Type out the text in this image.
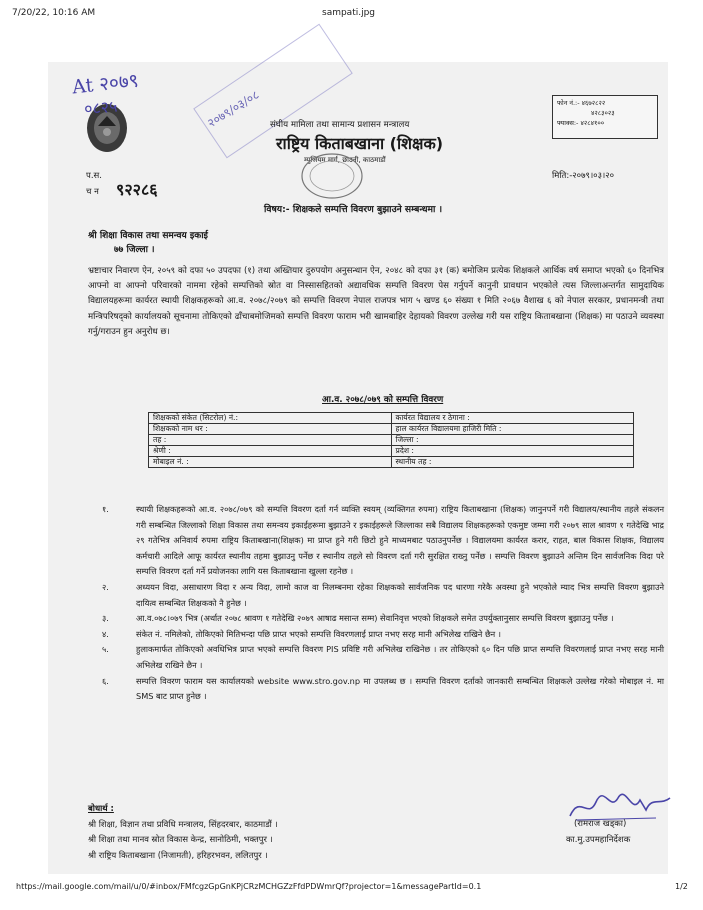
7/20/22, 10:16 AM	sampati.jpg
https://mail.google.com/mail/u/0/#inbox/FMfcgzGpGnKPjCRzMCHGZzFfdPDWmrQf?projector=1&messagePartId=0.1	1/2
At २०७९
०८२५	२०७९/०३/०८ संघीय मामिला तथा सामान्य प्रशासन मन्त्रालय
राष्ट्रिय किताबखाना (शिक्षक)
म्युजियम मार्ग, छाउनी, काठमाडौं
फोन नं.:- ४६७२८२२
४२८३०२३
फ्याक्स:- ४२८४१००
प.स.
च न ९२२८६
मिति:-२०७९।०३।२०
विषय:- शिक्षकले सम्पत्ति विवरण बुझाउने सम्बन्धमा ।
श्री शिक्षा विकास तथा समन्वय इकाई
७७ जिल्ला ।
भ्रष्टाचार निवारण ऐन, २०५९ को दफा ५० उपदफा (१) तथा अख्तियार दुरुपयोग अनुसन्धान ऐन, २०४८ को दफा ३१ (क) बमोजिम प्रत्येक शिक्षकले आर्थिक वर्ष समाप्त भएको ६० दिनभित्र आफ्नो वा आफ्नो परिवारको नाममा रहेको सम्पत्तिको स्रोत वा निस्सासहितको अद्यावधिक सम्पत्ति विवरण पेस गर्नुपर्ने कानुनी प्रावधान भएकोले त्यस जिल्लाअन्तर्गत सामुदायिक विद्यालयहरूमा कार्यरत स्थायी शिक्षकहरूको आ.व. २०७८/२०७९ को सम्पत्ति विवरण नेपाल राजपत्र भाग ५ खण्ड ६० संख्या १ मिति २०६७ वैशाख ६ को नेपाल सरकार, प्रधानमन्त्री तथा मन्त्रिपरिषद्को कार्यालयको सूचनामा तोकिएको ढाँचाबमोजिमको सम्पत्ति विवरण फाराम भरी खामबाहिर देहायको विवरण उल्लेख गरी यस राष्ट्रिय किताबखाना (शिक्षक) मा पठाउने व्यवस्था गर्नु/गराउन हुन अनुरोध छ।
आ.व. २०७८/०७९ को सम्पत्ति विवरण
शिक्षकको संकेत (सिटरोल) नं.:	कार्यरत विद्यालय र ठेगाना :
शिक्षकको नाम थर :	हाल कार्यरत विद्यालयमा हाजिरी मिति :
तह :	जिल्ला :
श्रेणी :	प्रदेश :
मोबाइल नं. :	स्थानीय तह :
१.	स्थायी शिक्षकहरूको आ.व. २०७८/०७९ को सम्पत्ति विवरण दर्ता गर्न व्यक्ति स्वयम् (व्यक्तिगत रुपमा) राष्ट्रिय किताबखाना (शिक्षक) जानुनपर्ने गरी विद्यालय/स्थानीय तहले संकलन गरी सम्बन्धित जिल्लाको शिक्षा विकास तथा समन्वय इकाईहरूमा बुझाउने र इकाईहरूले जिल्लाका सबै विद्यालय शिक्षकहरूको एकमुष्ट जम्मा गरी २०७९ साल श्रावण १ गतेदेखि भाद्र २९ गतेभित्र अनिवार्य रुपमा राष्ट्रिय किताबखाना(शिक्षक) मा प्राप्त हुने गरी छिटो हुने माध्यमबाट पठाउनुपर्नेछ । विद्यालयमा कार्यरत करार, राहत, बाल विकास शिक्षक, विद्यालय कर्मचारी आदिले आफू कार्यरत स्थानीय तहमा बुझाउनु पर्नेछ र स्थानीय तहले सो विवरण दर्ता गरी सुरक्षित राख्नु पर्नेछ । सम्पत्ति विवरण बुझाउने अन्तिम दिन सार्वजनिक विदा परे सम्पत्ति विवरण दर्ता गर्ने प्रयोजनका लागि यस किताबखाना खुल्ला रहनेछ ।
२.	अध्ययन विदा, असाधारण विदा र अन्य विदा, लामो काज वा निलम्बनमा रहेका शिक्षकको सार्वजनिक पद धारणा गरेकै अवस्था हुने भएकोले म्याद भित्र सम्पत्ति विवरण बुझाउने दायित्व सम्बन्धित शिक्षकको नै हुनेछ ।
३.	आ.व.०७८।०७९ भित्र (अर्थात २०७८ श्रावण १ गतेदेखि २०७९ आषाढ मसान्त सम्म) सेवानिवृत्त भएको शिक्षकले समेत उपर्युक्तानुसार सम्पत्ति विवरण बुझाउनु पर्नेछ ।
४.	संकेत नं. नमिलेको, तोकिएको मितिभन्दा पछि प्राप्त भएको सम्पत्ति विवरणलाई प्राप्त नभए सरह मानी अभिलेख राखिने छैन ।
५.	हुलाकमार्फत तोकिएको अवधिभित्र प्राप्त भएको सम्पत्ति विवरण PIS प्रविष्टि गरी अभिलेख राखिनेछ । तर तोकिएको ६० दिन पछि प्राप्त सम्पत्ति विवरणलाई प्राप्त नभए सरह मानी अभिलेख राखिने छैन ।
६.	सम्पत्ति विवरण फाराम यस कार्यालयको website www.stro.gov.np मा उपलब्ध छ । सम्पत्ति विवरण दर्ताको जानकारी सम्बन्धित शिक्षकले उल्लेख गरेको मोबाइल नं. मा SMS बाट प्राप्त हुनेछ ।
बोधार्थ :
श्री शिक्षा, विज्ञान तथा प्रविधि मन्त्रालय, सिंहदरबार, काठमाडौं ।
श्री शिक्षा तथा मानव स्रोत विकास केन्द्र, सानोठिमी, भक्तपुर ।
श्री राष्ट्रिय किताबखाना (निजामती), हरिहरभवन, ललितपुर ।
(रामराज खड्का)
का.मु.उपमहानिर्देशक
